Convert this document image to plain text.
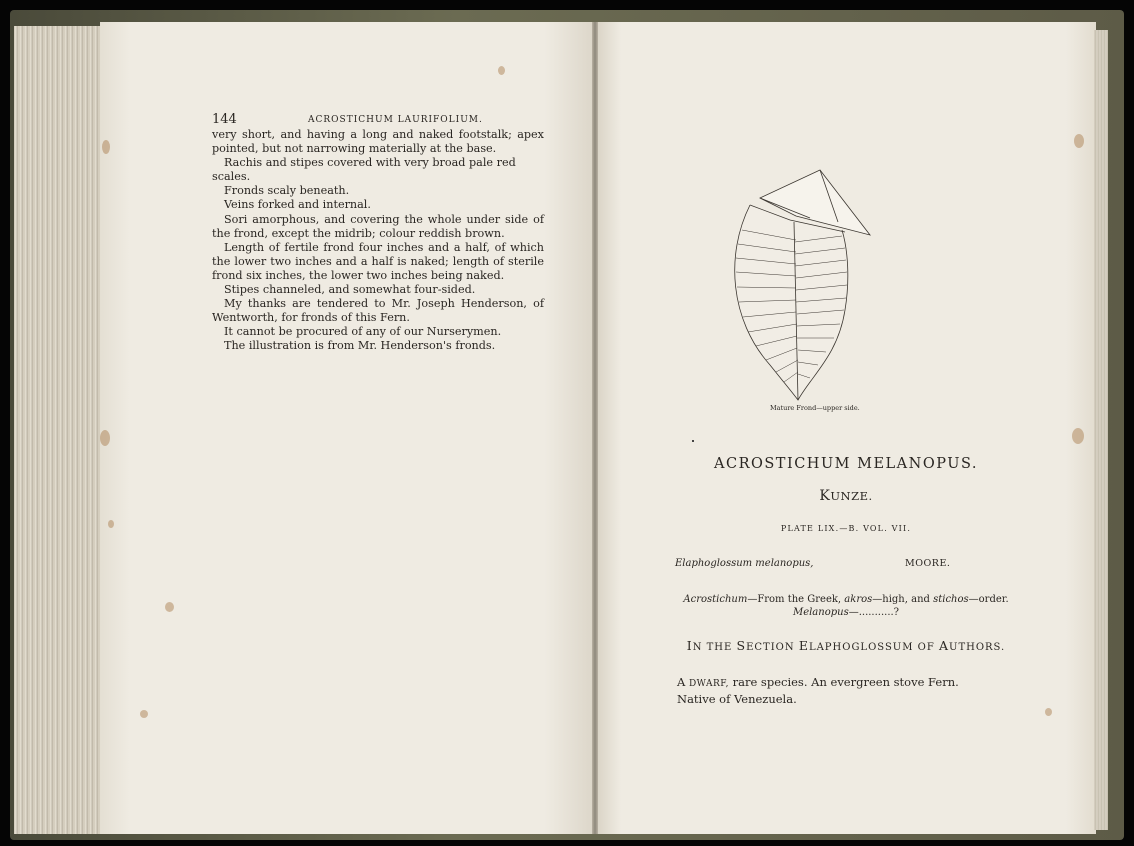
144	ACROSTICHUM LAURIFOLIUM.

very short, and having a long and naked footstalk; apex pointed, but not narrowing materially at the base.

Rachis and stipes covered with very broad pale red scales.

Fronds scaly beneath.

Veins forked and internal.

Sori amorphous, and covering the whole under side of the frond, except the midrib; colour reddish brown.

Length of fertile frond four inches and a half, of which the lower two inches and a half is naked; length of sterile frond six inches, the lower two inches being naked.

Stipes channeled, and somewhat four-sided.

My thanks are tendered to Mr. Joseph Henderson, of Wentworth, for fronds of this Fern.

It cannot be procured of any of our Nurserymen.

The illustration is from Mr. Henderson's fronds.

Mature Frond—upper side.
ACROSTICHUM MELANOPUS.
KUNZE.
PLATE LIX.—B. VOL. VII.
Elaphoglossum melanopus,	MOORE.
Acrostichum—From the Greek, akros—high, and stichos—order.
Melanopus—...........?
IN THE SECTION ELAPHOGLOSSUM OF AUTHORS.
A DWARF, rare species. An evergreen stove Fern.
Native of Venezuela.
